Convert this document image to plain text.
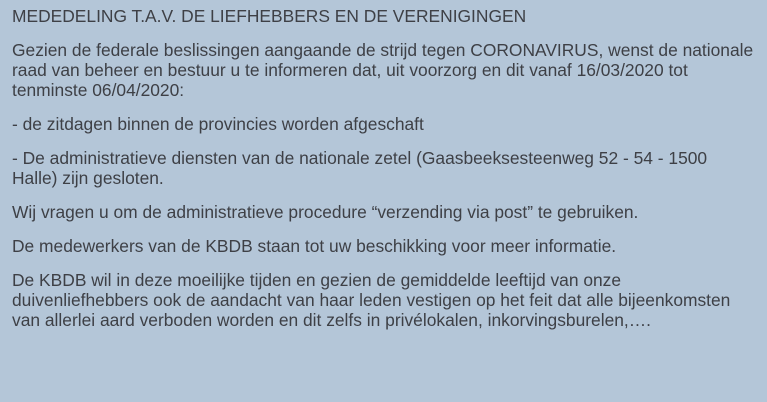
MEDEDELING T.A.V. DE LIEFHEBBERS EN DE VERENIGINGEN

Gezien de federale beslissingen aangaande de strijd tegen CORONAVIRUS, wenst de nationale raad van beheer en bestuur u te informeren dat, uit voorzorg en dit vanaf 16/03/2020 tot tenminste 06/04/2020:

- de zitdagen binnen de provincies worden afgeschaft

- De administratieve diensten van de nationale zetel (Gaasbeeksesteenweg 52 - 54 - 1500 Halle) zijn gesloten.

Wij vragen u om de administratieve procedure “verzending via post” te gebruiken.

De medewerkers van de KBDB staan tot uw beschikking voor meer informatie.

De KBDB wil in deze moeilijke tijden en gezien de gemiddelde leeftijd van onze duivenliefhebbers ook de aandacht van haar leden vestigen op het feit dat alle bijeenkomsten van allerlei aard verboden worden en dit zelfs in privélokalen, inkorvingsburelen,….
